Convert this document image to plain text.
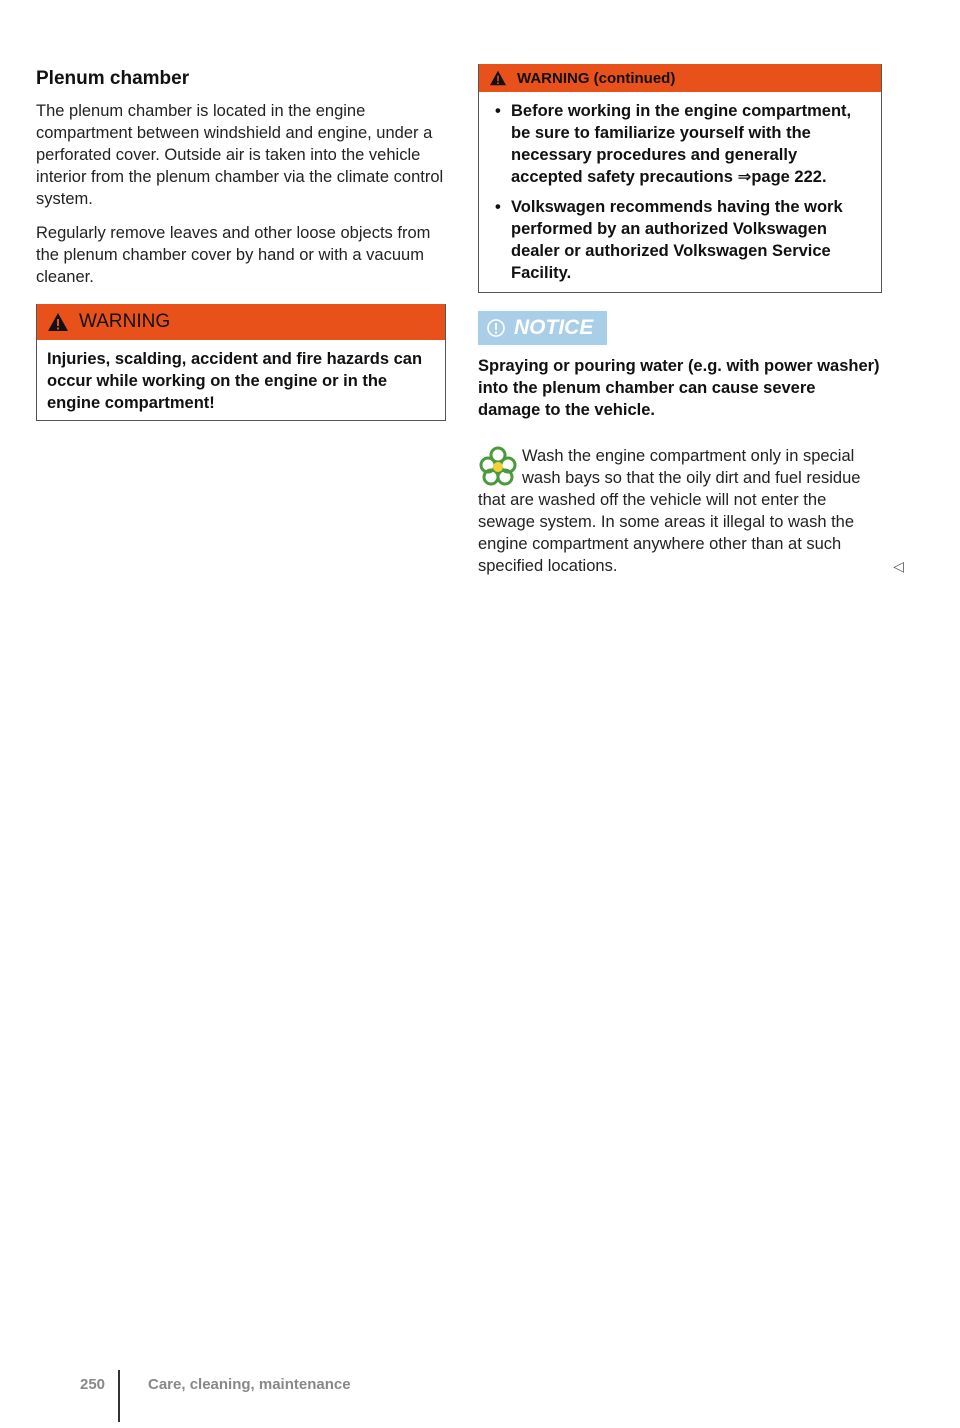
Plenum chamber

The plenum chamber is located in the engine compartment between windshield and engine, under a perforated cover. Outside air is taken into the vehicle interior from the plenum chamber via the climate control system.

Regularly remove leaves and other loose objects from the plenum chamber cover by hand or with a vacuum cleaner.

WARNING
Injuries, scalding, accident and fire hazards can occur while working on the engine or in the engine compartment!
WARNING (continued)
• Before working in the engine compartment, be sure to familiarize yourself with the necessary procedures and generally accepted safety precautions ⇒page 222.
• Volkswagen recommends having the work performed by an authorized Volkswagen dealer or authorized Volkswagen Service Facility.
NOTICE

Spraying or pouring water (e.g. with power washer) into the plenum chamber can cause severe damage to the vehicle.

Wash the engine compartment only in special wash bays so that the oily dirt and fuel residue that are washed off the vehicle will not enter the sewage system. In some areas it illegal to wash the engine compartment anywhere other than at such specified locations.	◁
250	Care, cleaning, maintenance
